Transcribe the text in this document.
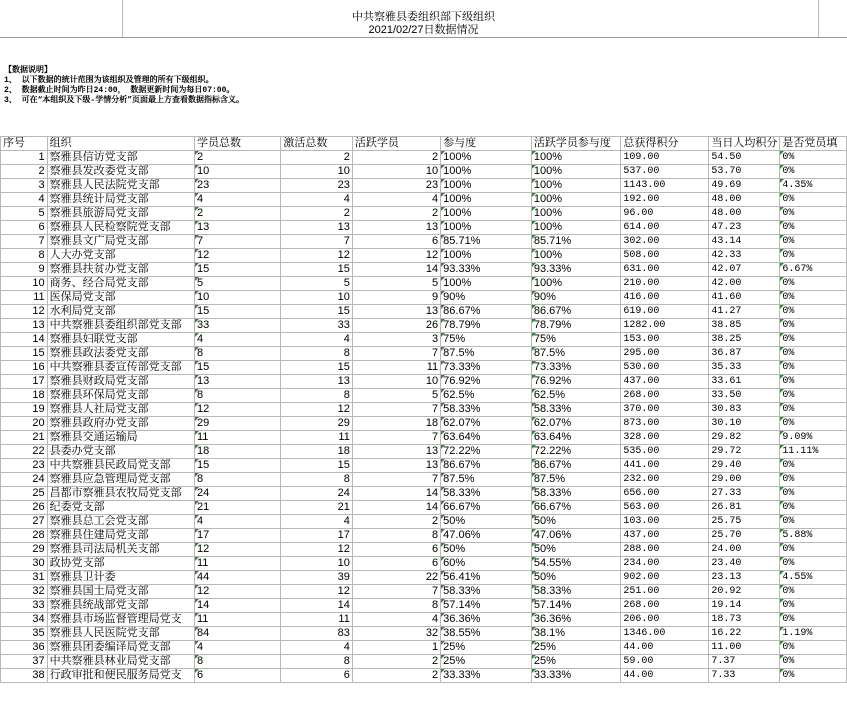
中共察雅县委组织部下级组织
2021/02/27日数据情况
【数据说明】
1、 以下数据的统计范围为该组织及管理的所有下级组织。
2、 数据截止时间为昨日24:00， 数据更新时间为每日07:00。
3、 可在“本组织及下级-学情分析”页面最上方查看数据指标含义。
序号	组织	学员总数	激活总数	活跃学员	参与度	活跃学员参与度	总获得积分	当日人均积分	是否党员填
1	察雅县信访党支部	2	2	2	100%	100%	109.00	54.50	0%
2	察雅县发改委党支部	10	10	10	100%	100%	537.00	53.70	0%
3	察雅县人民法院党支部	23	23	23	100%	100%	1143.00	49.69	4.35%
4	察雅县统计局党支部	4	4	4	100%	100%	192.00	48.00	0%
5	察雅县旅游局党支部	2	2	2	100%	100%	96.00	48.00	0%
6	察雅县人民检察院党支部	13	13	13	100%	100%	614.00	47.23	0%
7	察雅县文广局党支部	7	7	6	85.71%	85.71%	302.00	43.14	0%
8	人大办党支部	12	12	12	100%	100%	508.00	42.33	0%
9	察雅县扶贫办党支部	15	15	14	93.33%	93.33%	631.00	42.07	6.67%
10	商务、经合局党支部	5	5	5	100%	100%	210.00	42.00	0%
11	医保局党支部	10	10	9	90%	90%	416.00	41.60	0%
12	水利局党支部	15	15	13	86.67%	86.67%	619.00	41.27	0%
13	中共察雅县委组织部党支部	33	33	26	78.79%	78.79%	1282.00	38.85	0%
14	察雅县妇联党支部	4	4	3	75%	75%	153.00	38.25	0%
15	察雅县政法委党支部	8	8	7	87.5%	87.5%	295.00	36.87	0%
16	中共察雅县委宣传部党支部	15	15	11	73.33%	73.33%	530.00	35.33	0%
17	察雅县财政局党支部	13	13	10	76.92%	76.92%	437.00	33.61	0%
18	察雅县环保局党支部	8	8	5	62.5%	62.5%	268.00	33.50	0%
19	察雅县人社局党支部	12	12	7	58.33%	58.33%	370.00	30.83	0%
20	察雅县政府办党支部	29	29	18	62.07%	62.07%	873.00	30.10	0%
21	察雅县交通运输局	11	11	7	63.64%	63.64%	328.00	29.82	9.09%
22	县委办党支部	18	18	13	72.22%	72.22%	535.00	29.72	11.11%
23	中共察雅县民政局党支部	15	15	13	86.67%	86.67%	441.00	29.40	0%
24	察雅县应急管理局党支部	8	8	7	87.5%	87.5%	232.00	29.00	0%
25	昌都市察雅县农牧局党支部	24	24	14	58.33%	58.33%	656.00	27.33	0%
26	纪委党支部	21	21	14	66.67%	66.67%	563.00	26.81	0%
27	察雅县总工会党支部	4	4	2	50%	50%	103.00	25.75	0%
28	察雅县住建局党支部	17	17	8	47.06%	47.06%	437.00	25.70	5.88%
29	察雅县司法局机关支部	12	12	6	50%	50%	288.00	24.00	0%
30	政协党支部	11	10	6	60%	54.55%	234.00	23.40	0%
31	察雅县卫计委	44	39	22	56.41%	50%	902.00	23.13	4.55%
32	察雅县国土局党支部	12	12	7	58.33%	58.33%	251.00	20.92	0%
33	察雅县统战部党支部	14	14	8	57.14%	57.14%	268.00	19.14	0%
34	察雅县市场监督管理局党支	11	11	4	36.36%	36.36%	206.00	18.73	0%
35	察雅县人民医院党支部	84	83	32	38.55%	38.1%	1346.00	16.22	1.19%
36	察雅县团委编译局党支部	4	4	1	25%	25%	44.00	11.00	0%
37	中共察雅县林业局党支部	8	8	2	25%	25%	59.00	7.37	0%
38	行政审批和便民服务局党支	6	6	2	33.33%	33.33%	44.00	7.33	0%
